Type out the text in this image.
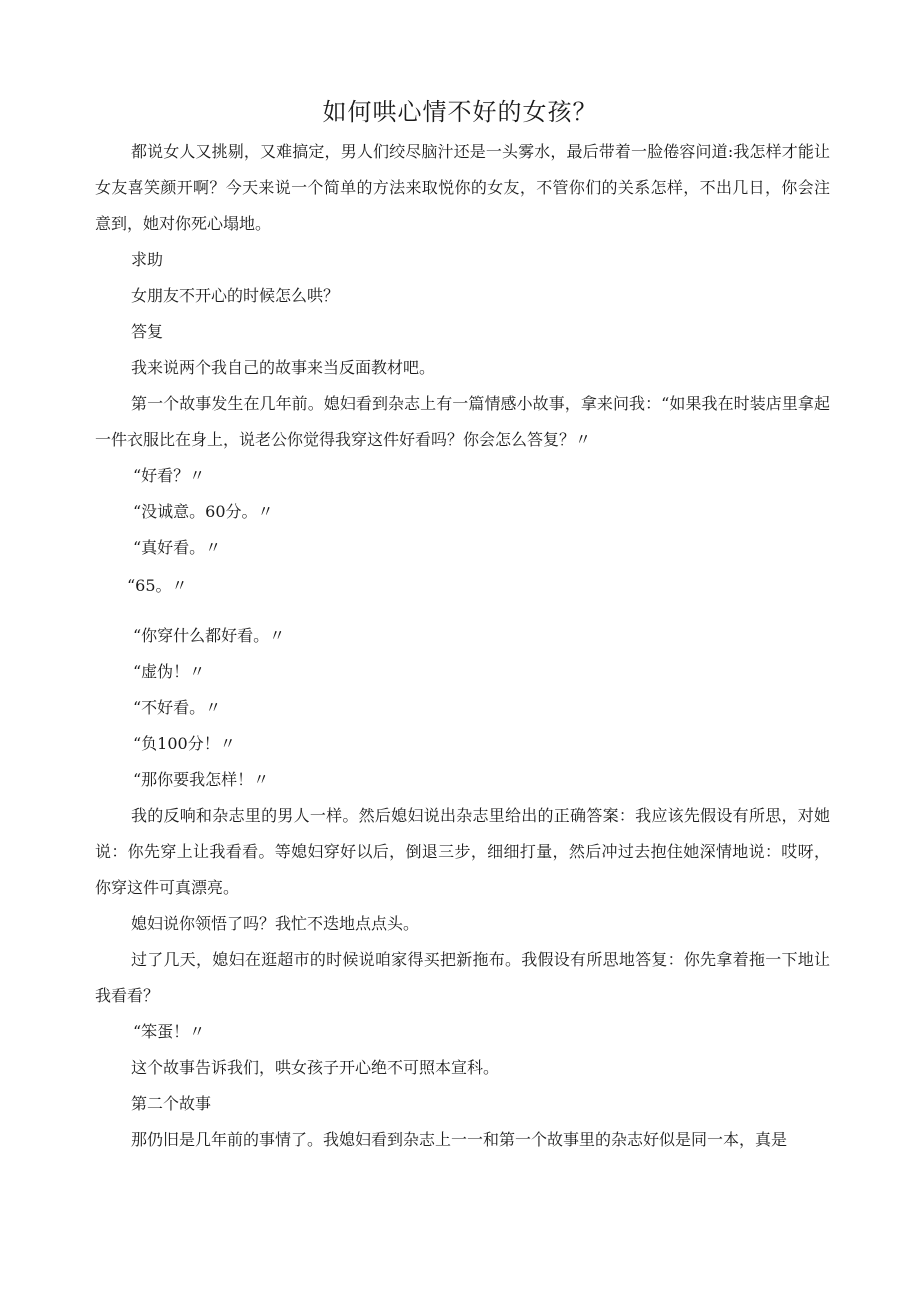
如何哄心情不好的女孩？

都说女人又挑剔，又难搞定，男人们绞尽脑汁还是一头雾水，最后带着一脸倦容问道:我怎样才能让女友喜笑颜开啊？今天来说一个简单的方法来取悦你的女友，不管你们的关系怎样，不出几日，你会注意到，她对你死心塌地。

求助

女朋友不开心的时候怎么哄？

答复

我来说两个我自己的故事来当反面教材吧。

第一个故事发生在几年前。媳妇看到杂志上有一篇情感小故事，拿来问我：“如果我在时装店里拿起一件衣服比在身上，说老公你觉得我穿这件好看吗？你会怎么答复？〃

“好看？〃

“没诚意。60分。〃

“真好看。〃

“65。〃

“你穿什么都好看。〃

“虚伪！〃

“不好看。〃

“负100分！〃

“那你要我怎样！〃

我的反响和杂志里的男人一样。然后媳妇说出杂志里给出的正确答案：我应该先假设有所思，对她说：你先穿上让我看看。等媳妇穿好以后，倒退三步，细细打量，然后冲过去抱住她深情地说：哎呀，你穿这件可真漂亮。

媳妇说你领悟了吗？我忙不迭地点点头。

过了几天，媳妇在逛超市的时候说咱家得买把新拖布。我假设有所思地答复：你先拿着拖一下地让我看看？

“笨蛋！〃

这个故事告诉我们，哄女孩子开心绝不可照本宣科。

第二个故事

那仍旧是几年前的事情了。我媳妇看到杂志上一一和第一个故事里的杂志好似是同一本，真是
